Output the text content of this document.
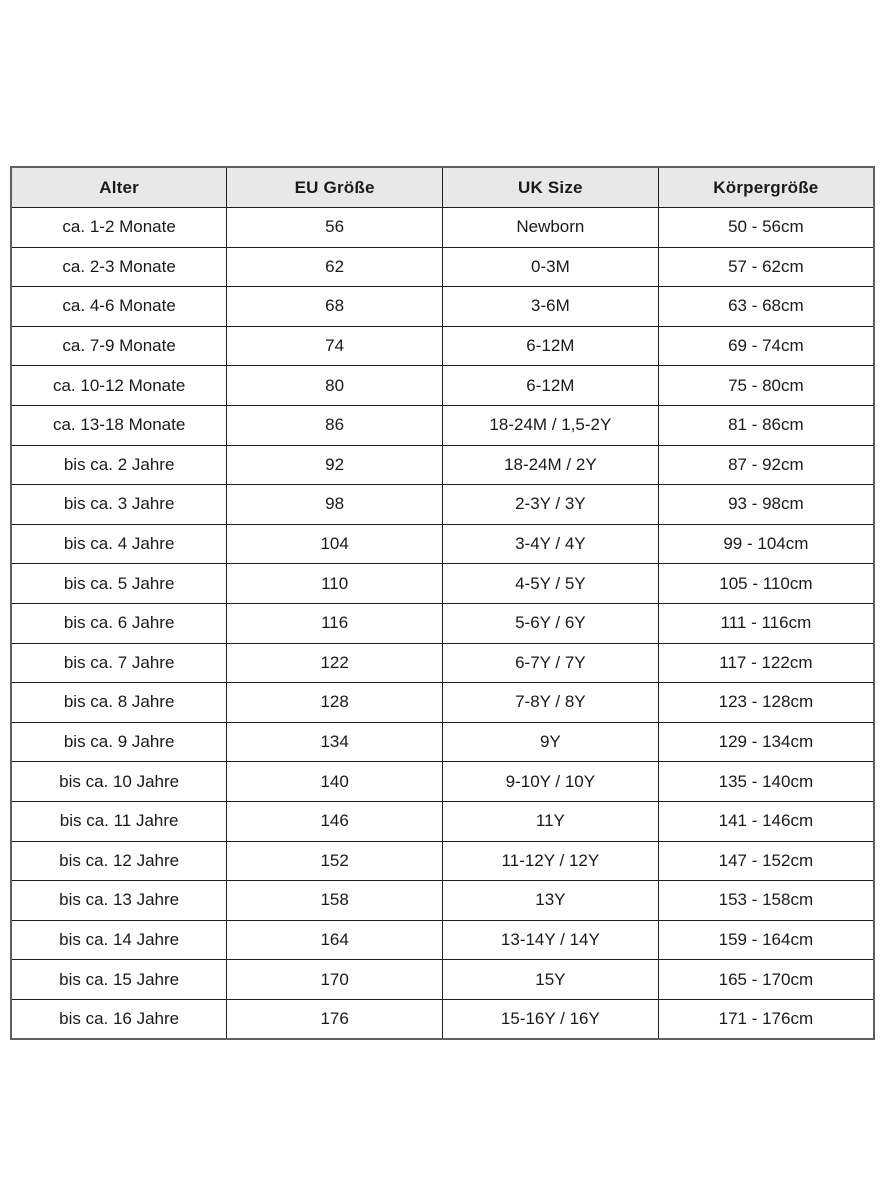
Alter	EU Größe	UK Size	Körpergröße
ca. 1-2 Monate	56	Newborn	50 - 56cm
ca. 2-3 Monate	62	0-3M	57 - 62cm
ca. 4-6 Monate	68	3-6M	63 - 68cm
ca. 7-9 Monate	74	6-12M	69 - 74cm
ca. 10-12 Monate	80	6-12M	75 - 80cm
ca. 13-18 Monate	86	18-24M / 1,5-2Y	81 - 86cm
bis ca. 2 Jahre	92	18-24M / 2Y	87 - 92cm
bis ca. 3 Jahre	98	2-3Y / 3Y	93 - 98cm
bis ca. 4 Jahre	104	3-4Y / 4Y	99 - 104cm
bis ca. 5 Jahre	110	4-5Y / 5Y	105 - 110cm
bis ca. 6 Jahre	116	5-6Y / 6Y	111 - 116cm
bis ca. 7 Jahre	122	6-7Y / 7Y	117 - 122cm
bis ca. 8 Jahre	128	7-8Y / 8Y	123 - 128cm
bis ca. 9 Jahre	134	9Y	129 - 134cm
bis ca. 10 Jahre	140	9-10Y / 10Y	135 - 140cm
bis ca. 11 Jahre	146	11Y	141 - 146cm
bis ca. 12 Jahre	152	11-12Y / 12Y	147 - 152cm
bis ca. 13 Jahre	158	13Y	153 - 158cm
bis ca. 14 Jahre	164	13-14Y / 14Y	159 - 164cm
bis ca. 15 Jahre	170	15Y	165 - 170cm
bis ca. 16 Jahre	176	15-16Y / 16Y	171 - 176cm
